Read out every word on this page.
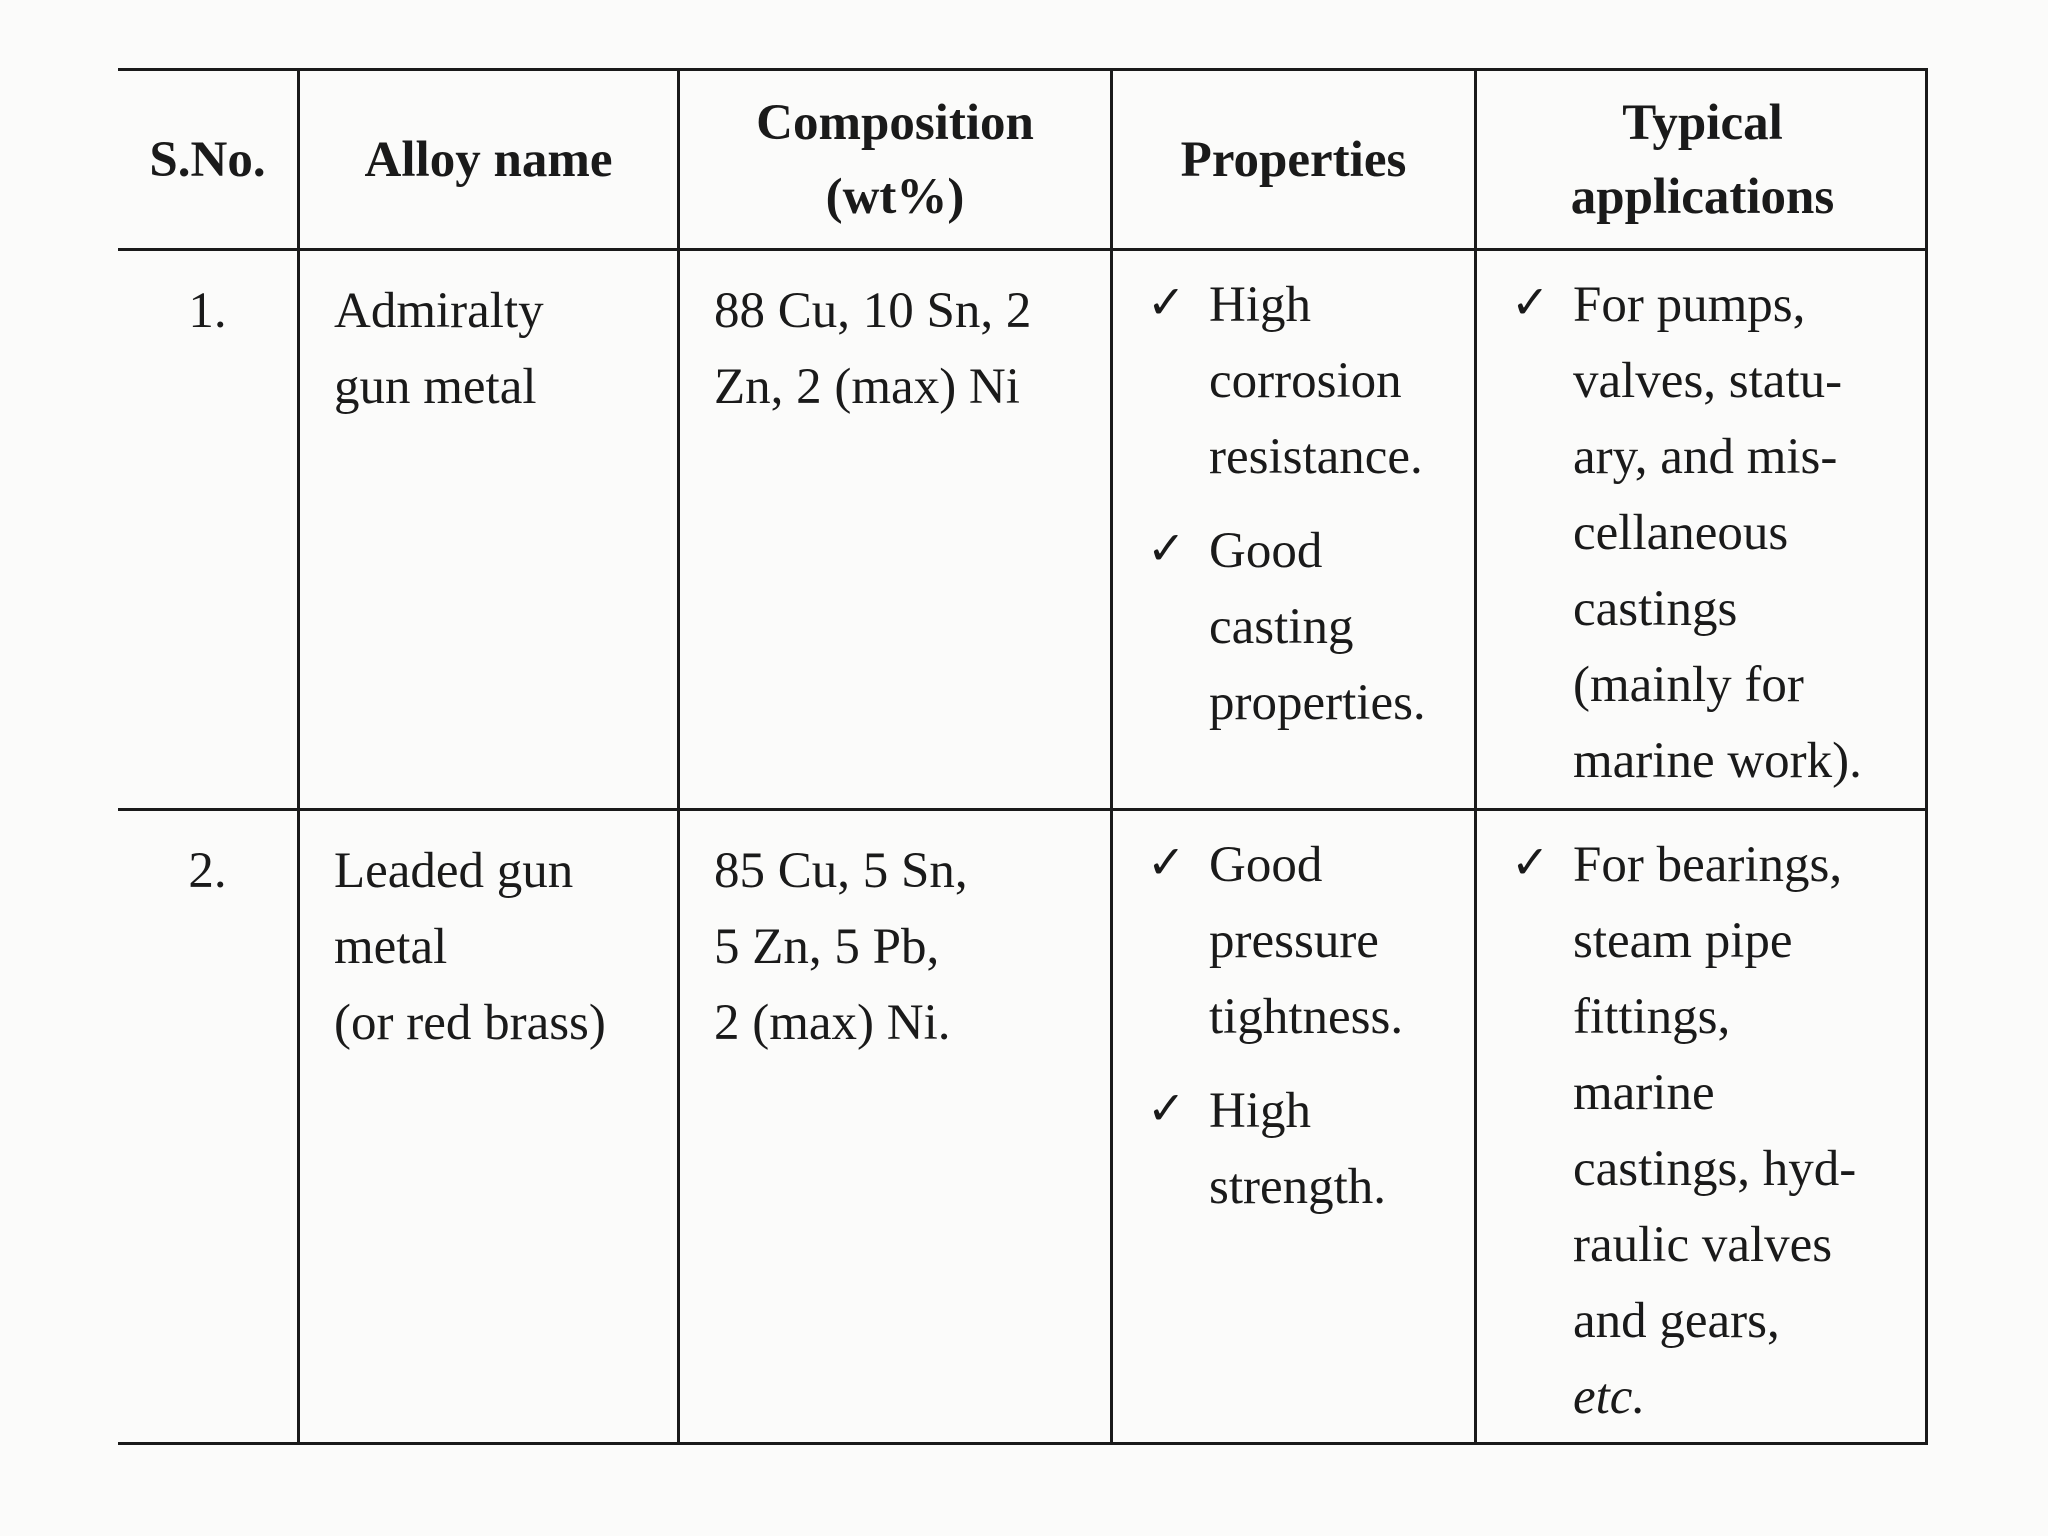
S.No. Alloy name
Composition
(wt%)
Properties
Typical
applications
1.	Admiralty
gun metal
88 Cu, 10 Sn, 2
Zn, 2 (max) Ni
✓ High
corrosion
resistance.
✓ Good
casting
properties.
✓ For pumps,
valves, statu-
ary, and mis-
cellaneous
castings
(mainly for
marine work).
2.	Leaded gun
metal
(or red brass)
85 Cu, 5 Sn,
5 Zn, 5 Pb,
2 (max) Ni.
✓ Good
pressure
tightness.
✓ High
strength.
✓ For bearings,
steam pipe
fittings,
marine
castings, hyd-
raulic valves
and gears,
etc.
